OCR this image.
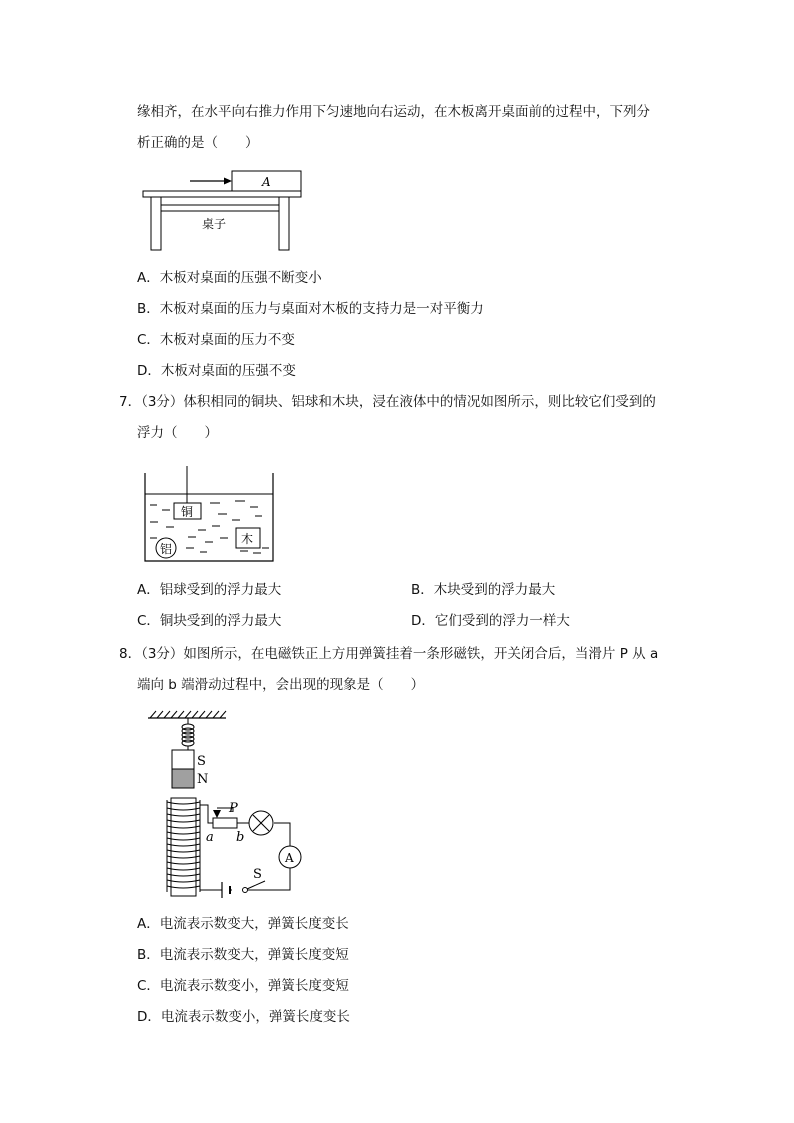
缘相齐，在水平向右推力作用下匀速地向右运动，在木板离开桌面前的过程中，下列分
析正确的是（　　）
A
桌子
A．木板对桌面的压强不断变小
B．木板对桌面的压力与桌面对木板的支持力是一对平衡力
C．木板对桌面的压力不变
D．木板对桌面的压强不变
7．（3分）体积相同的铜块、铝球和木块，浸在液体中的情况如图所示，则比较它们受到的
浮力（　　）
铜
木
铝
A．铝球受到的浮力最大	B．木块受到的浮力最大
C．铜块受到的浮力最大	D．它们受到的浮力一样大
8．（3分）如图所示，在电磁铁正上方用弹簧挂着一条形磁铁，开关闭合后，当滑片 P 从 a
端向 b 端滑动过程中，会出现的现象是（　　）
S
N
P
a b
A
S
A．电流表示数变大，弹簧长度变长
B．电流表示数变大，弹簧长度变短
C．电流表示数变小，弹簧长度变短
D．电流表示数变小，弹簧长度变长
